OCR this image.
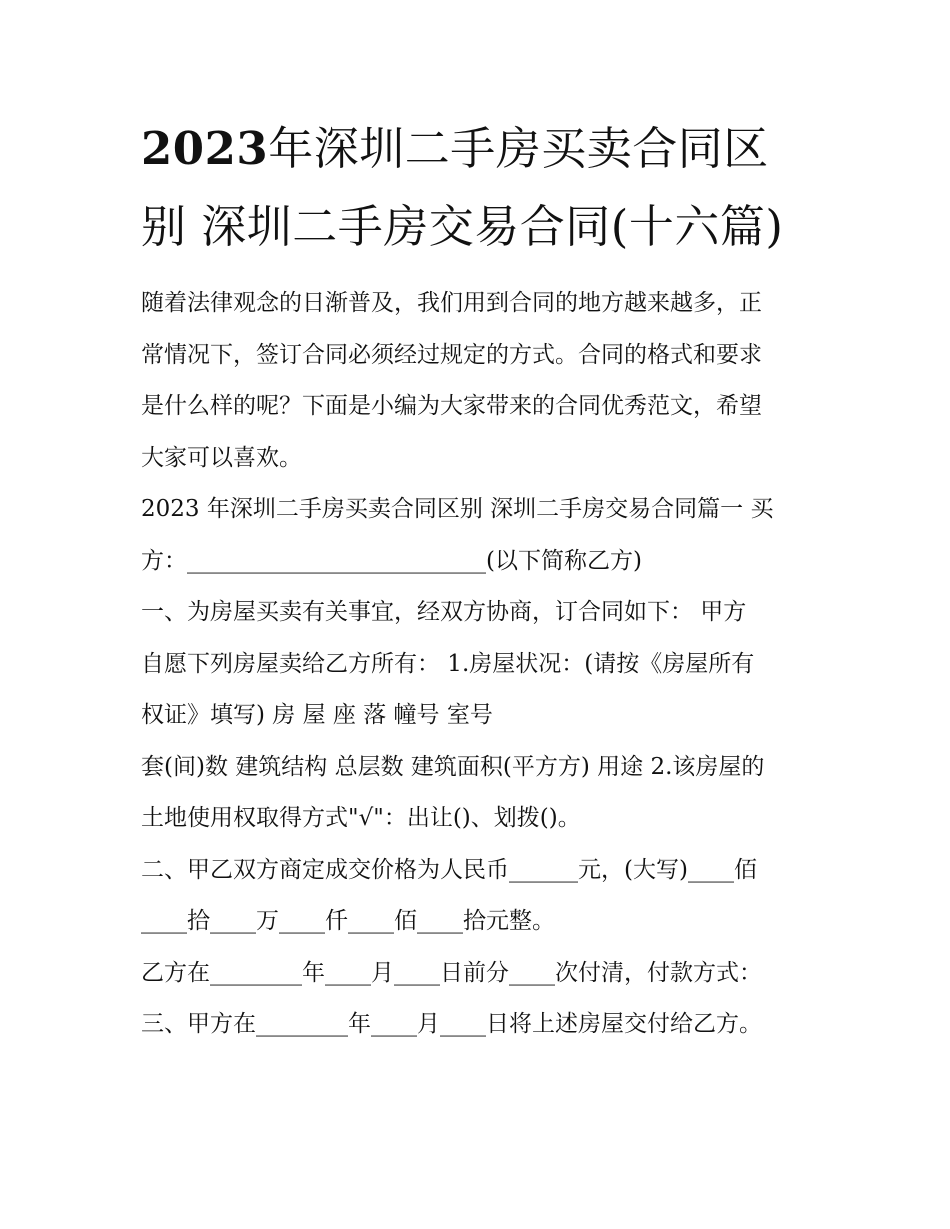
2023年深圳二手房买卖合同区别 深圳二手房交易合同(十六篇)

随着法律观念的日渐普及，我们用到合同的地方越来越多，正

常情况下，签订合同必须经过规定的方式。合同的格式和要求

是什么样的呢？下面是小编为大家带来的合同优秀范文，希望

大家可以喜欢。

2023 年深圳二手房买卖合同区别 深圳二手房交易合同篇一 买

方：__________________________(以下简称乙方)

一、为房屋买卖有关事宜，经双方协商，订合同如下： 甲方

自愿下列房屋卖给乙方所有： 1.房屋状况：(请按《房屋所有

权证》填写) 房 屋 座 落 幢号 室号

套(间)数 建筑结构 总层数 建筑面积(平方方) 用途 2.该房屋的

土地使用权取得方式"√"：出让()、划拨()。

二、甲乙双方商定成交价格为人民币______元，(大写)____佰

____拾____万____仟____佰____拾元整。

乙方在________年____月____日前分____次付清，付款方式：

三、甲方在________年____月____日将上述房屋交付给乙方。
